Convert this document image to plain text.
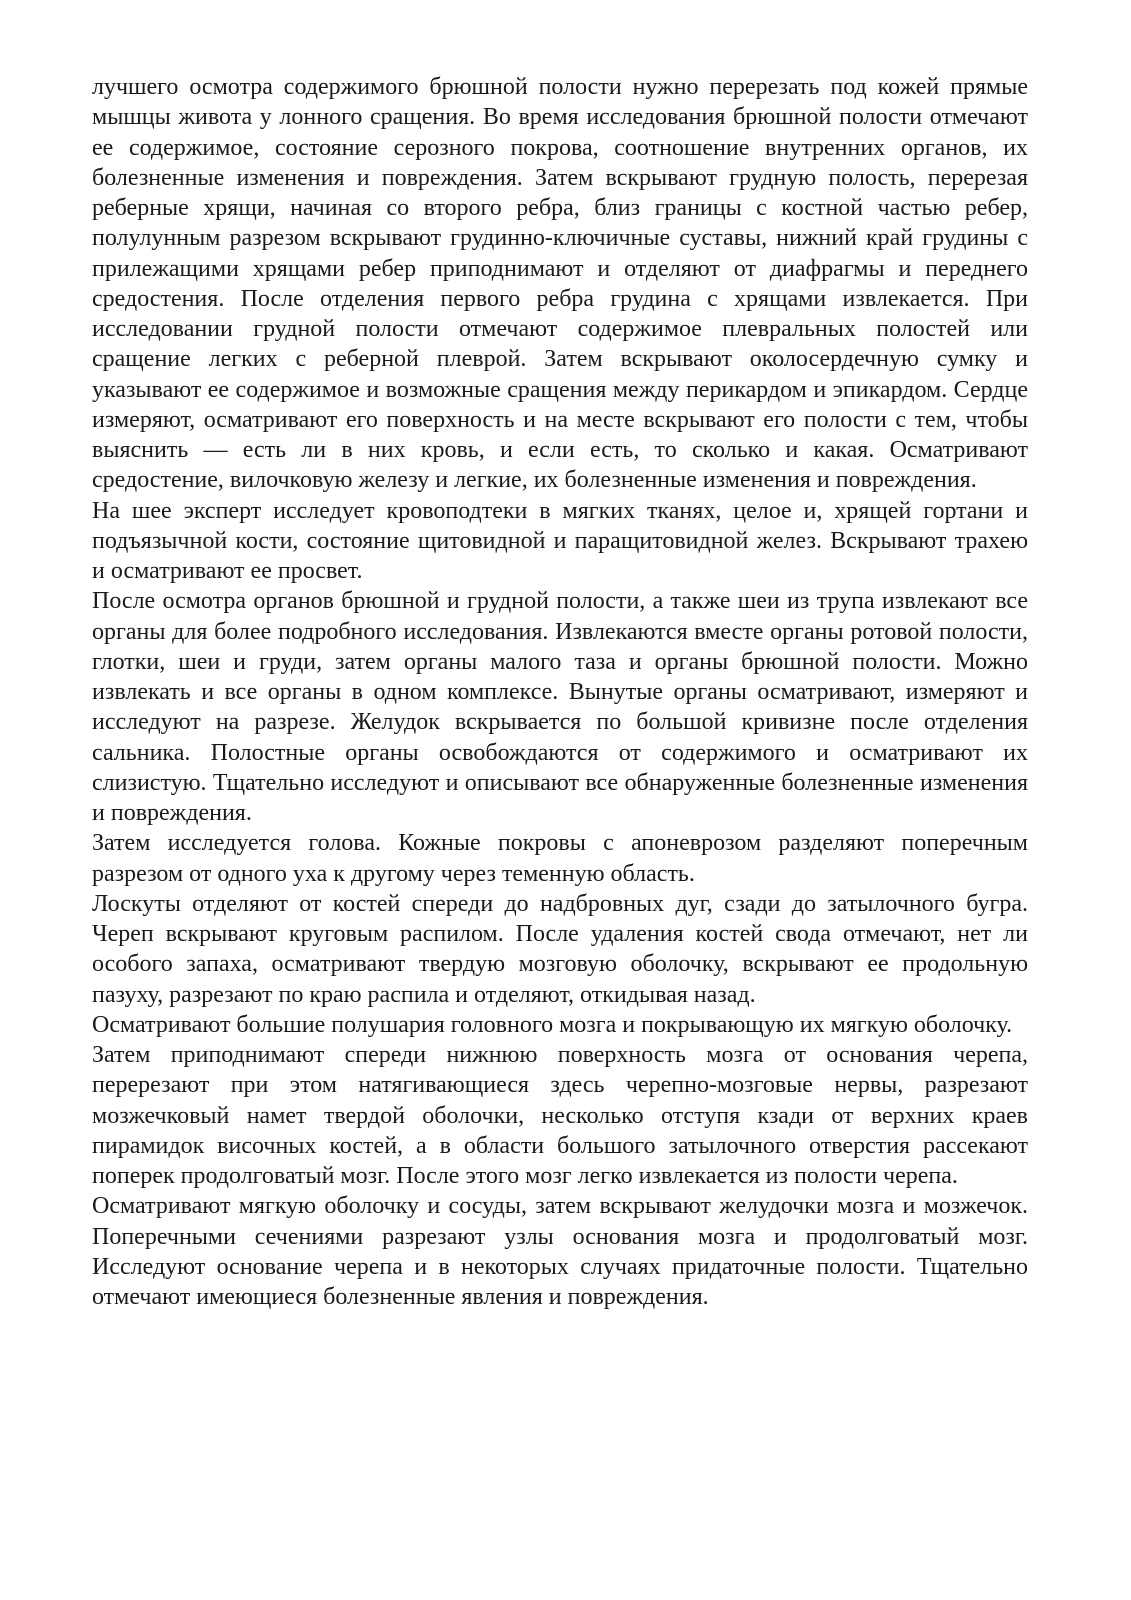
лучшего осмотра содержимого брюшной полости нужно перерезать под кожей прямые мышцы живота у лонного сращения. Во время исследования брюшной полости отмечают ее содержимое, состояние серозного покрова, соотношение внутренних органов, их болезненные изменения и повреждения. Затем вскрывают грудную полость, перерезая реберные хрящи, начиная со второго ребра, близ границы с костной частью ребер, полулунным разрезом вскрывают грудинно-ключичные суставы, нижний край грудины с прилежащими хрящами ребер приподнимают и отделяют от диафрагмы и переднего средостения. После отделения первого ребра грудина с хрящами извлекается. При исследовании грудной полости отмечают содержимое плевральных полостей или сращение легких с реберной плеврой. Затем вскрывают околосердечную сумку и указывают ее содержимое и возможные сращения между перикардом и эпикардом. Сердце измеряют, осматривают его поверхность и на месте вскрывают его полости с тем, чтобы выяснить — есть ли в них кровь, и если есть, то сколько и какая. Осматривают средостение, вилочковую железу и легкие, их болезненные изменения и повреждения.

На шее эксперт исследует кровоподтеки в мягких тканях, целое и, хрящей гортани и подъязычной кости, состояние щитовидной и паращитовидной желез. Вскрывают трахею и осматривают ее просвет.

После осмотра органов брюшной и грудной полости, а также шеи из трупа извлекают все органы для более подробного исследования. Извлекаются вместе органы ротовой полости, глотки, шеи и груди, затем органы малого таза и органы брюшной полости. Можно извлекать и все органы в одном комплексе. Вынутые органы осматривают, измеряют и исследуют на разрезе. Желудок вскрывается по большой кривизне после отделения сальника. Полостные органы освобождаются от содержимого и осматривают их слизистую. Тщательно исследуют и описывают все обнаруженные болезненные изменения и повреждения.

Затем исследуется голова. Кожные покровы с апоневрозом разделяют поперечным разрезом от одного уха к другому через теменную область.

Лоскуты отделяют от костей спереди до надбровных дуг, сзади до затылочного бугра. Череп вскрывают круговым распилом. После удаления костей свода отмечают, нет ли особого запаха, осматривают твердую мозговую оболочку, вскрывают ее продольную пазуху, разрезают по краю распила и отделяют, откидывая назад.

Осматривают большие полушария головного мозга и покрывающую их мягкую оболочку.

Затем приподнимают спереди нижнюю поверхность мозга от основания черепа, перерезают при этом натягивающиеся здесь черепно-мозговые нервы, разрезают мозжечковый намет твердой оболочки, несколько отступя кзади от верхних краев пирамидок височных костей, а в области большого затылочного отверстия рассекают поперек продолговатый мозг. После этого мозг легко извлекается из полости черепа.

Осматривают мягкую оболочку и сосуды, затем вскрывают желудочки мозга и мозжечок. Поперечными сечениями разрезают узлы основания мозга и продолговатый мозг. Исследуют основание черепа и в некоторых случаях придаточные полости. Тщательно отмечают имеющиеся болезненные явления и повреждения.
